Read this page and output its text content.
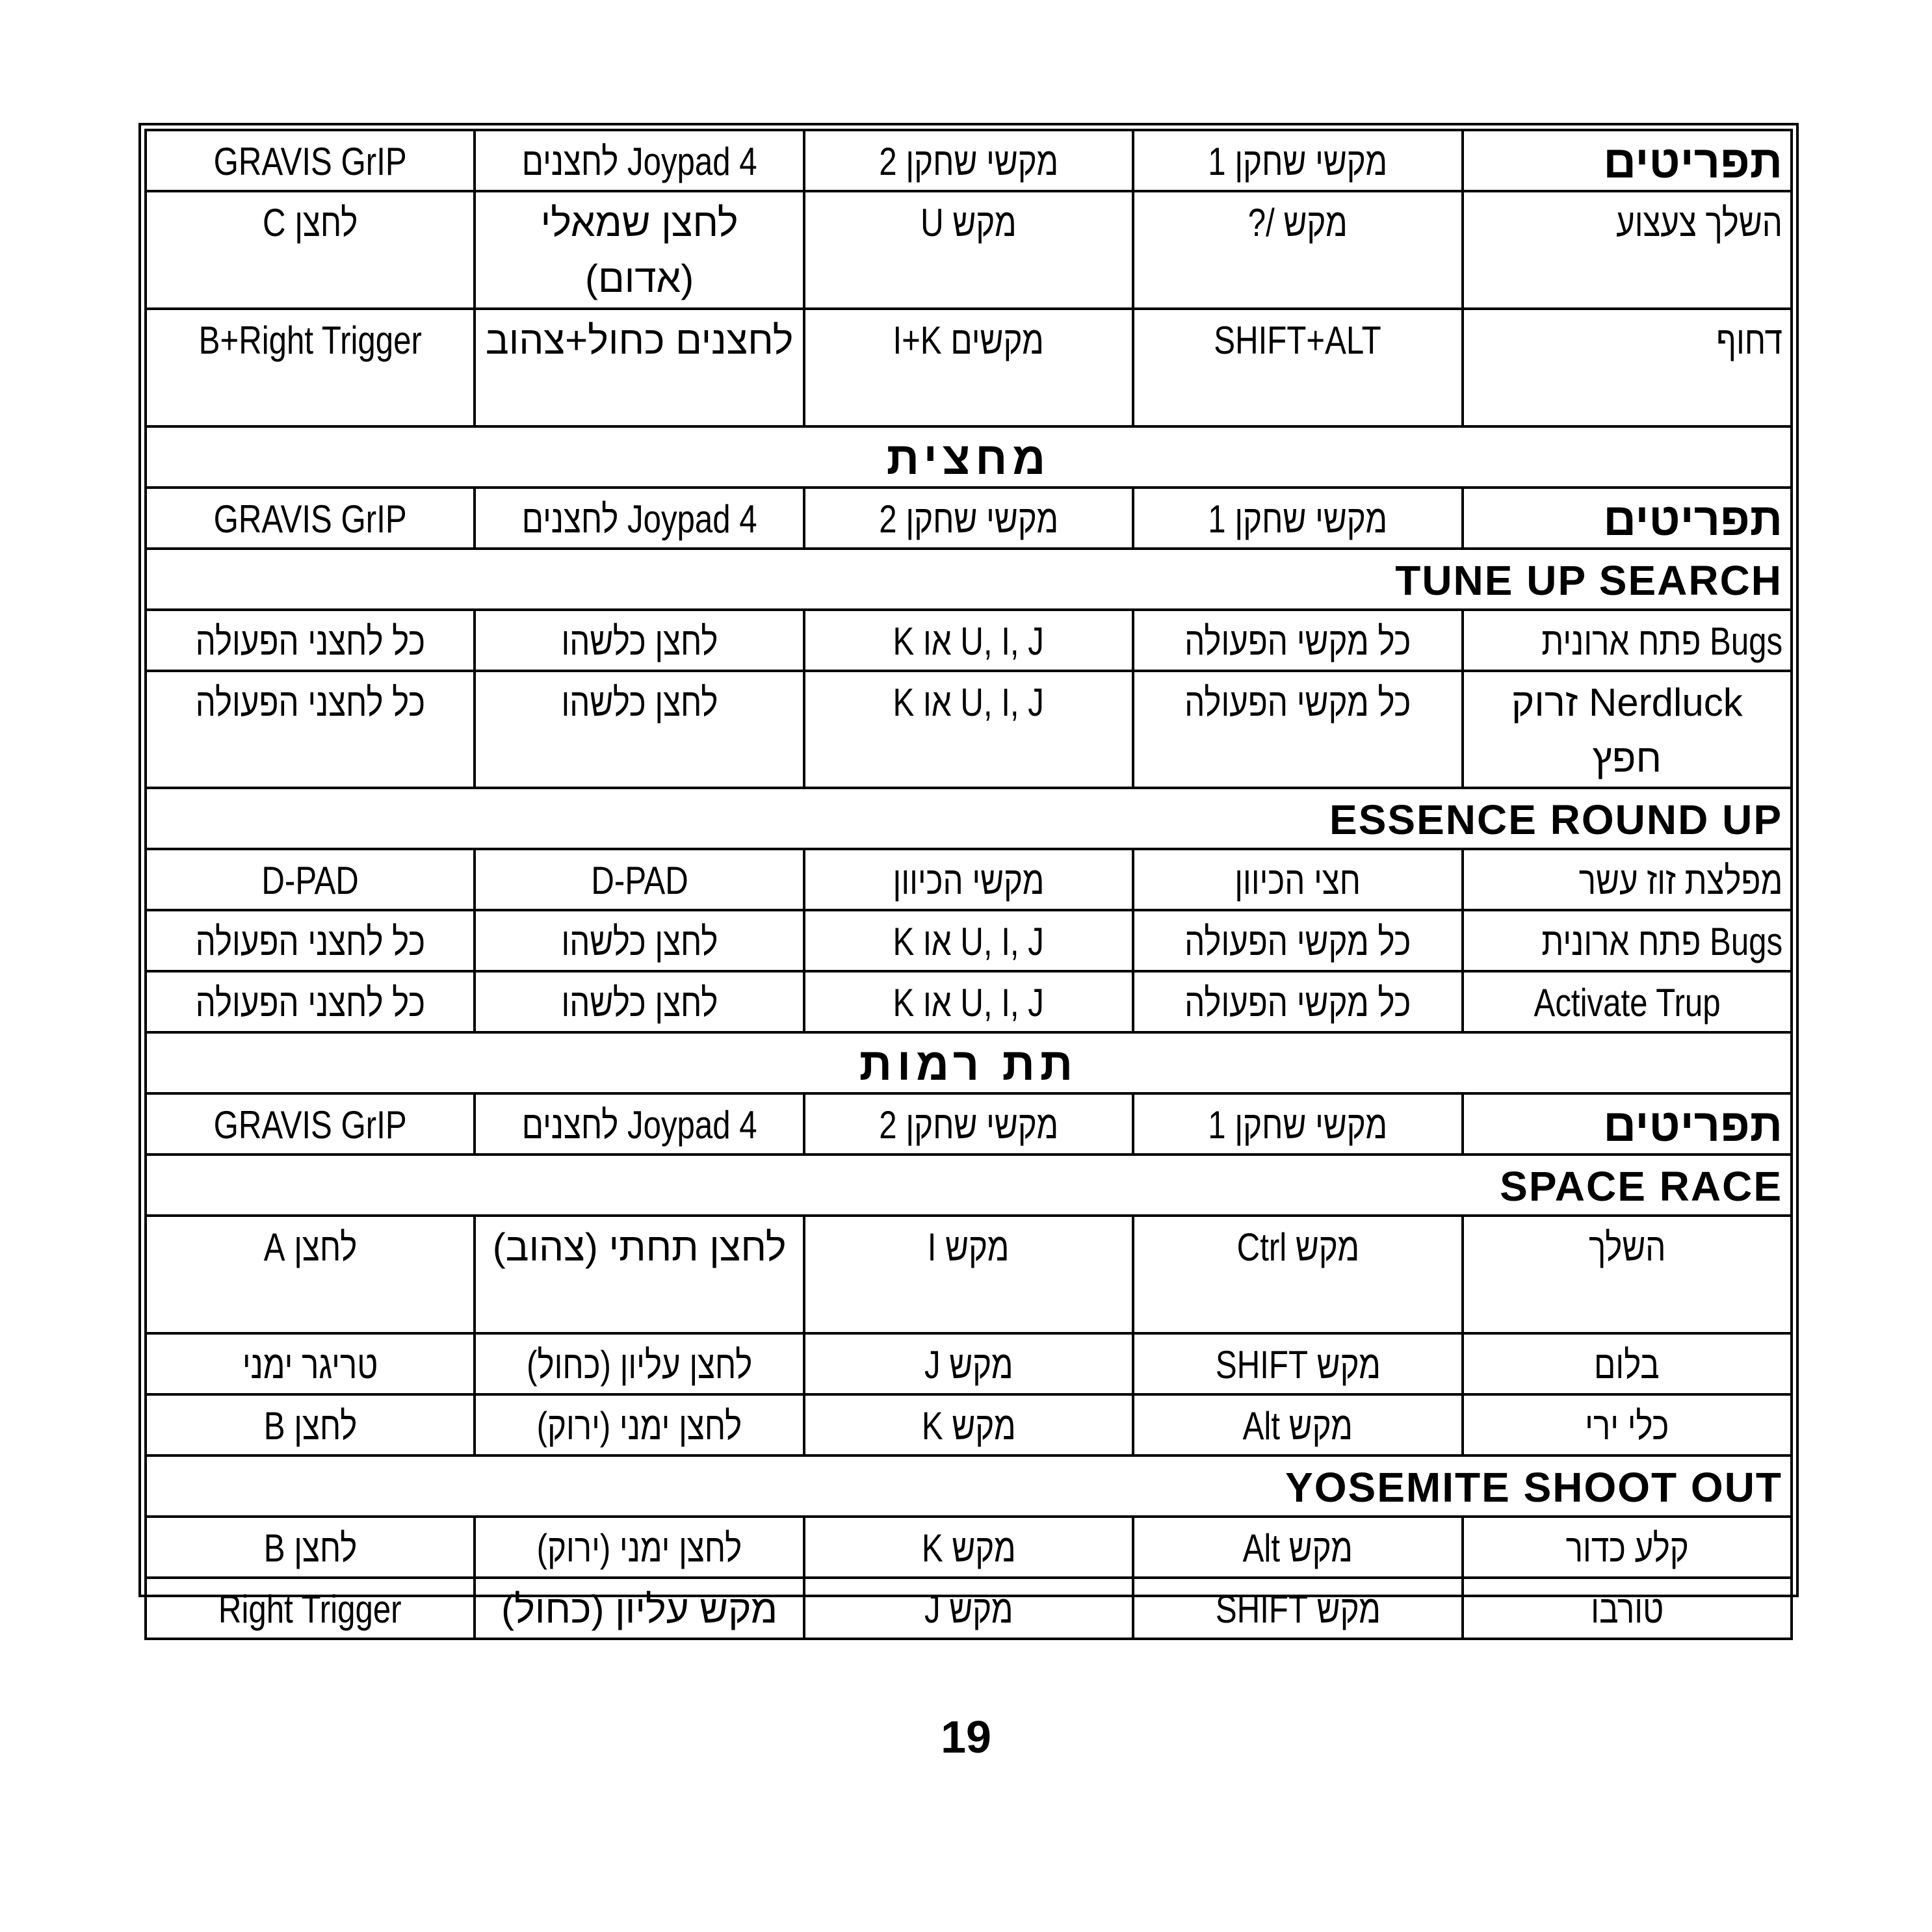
תפריטים	מקשי שחקן 1	מקשי שחקן 2	Joypad 4 לחצנים	GRAVIS GrIP
השלך צעצוע	מקש /?	מקש U	לחצן שמאלי (אדום)	לחצן C
דחוף	SHIFT+ALT	מקשים I+K	לחצנים כחול+צהוב	B+Right Trigger
מחצית				
תפריטים	מקשי שחקן 1	מקשי שחקן 2	Joypad 4 לחצנים	GRAVIS GrIP
TUNE UP SEARCH				
Bugs פתח ארונית	כל מקשי הפעולה	U, I, J או K	לחצן כלשהו	כל לחצני הפעולה
Nerdluck זרוק חפץ	כל מקשי הפעולה	U, I, J או K	לחצן כלשהו	כל לחצני הפעולה
ESSENCE ROUND UP				
מפלצת זוז עשר	חצי הכיוון	מקשי הכיוון	D-PAD	D-PAD
Bugs פתח ארונית	כל מקשי הפעולה	U, I, J או K	לחצן כלשהו	כל לחצני הפעולה
Activate Trup	כל מקשי הפעולה	U, I, J או K	לחצן כלשהו	כל לחצני הפעולה
תת רמות				
תפריטים	מקשי שחקן 1	מקשי שחקן 2	Joypad 4 לחצנים	GRAVIS GrIP
SPACE RACE				
השלך	מקש Ctrl	מקש I	לחצן תחתי (צהוב)	לחצן A
בלום	מקש SHIFT	מקש J	לחצן עליון (כחול)	טריגר ימני
כלי ירי	מקש Alt	מקש K	לחצן ימני (ירוק)	לחצן B
YOSEMITE SHOOT OUT				
קלע כדור	מקש Alt	מקש K	לחצן ימני (ירוק)	לחצן B
טורבו	מקש SHIFT	מקש J	מקש עליון (כחול)	Right Trigger
19
